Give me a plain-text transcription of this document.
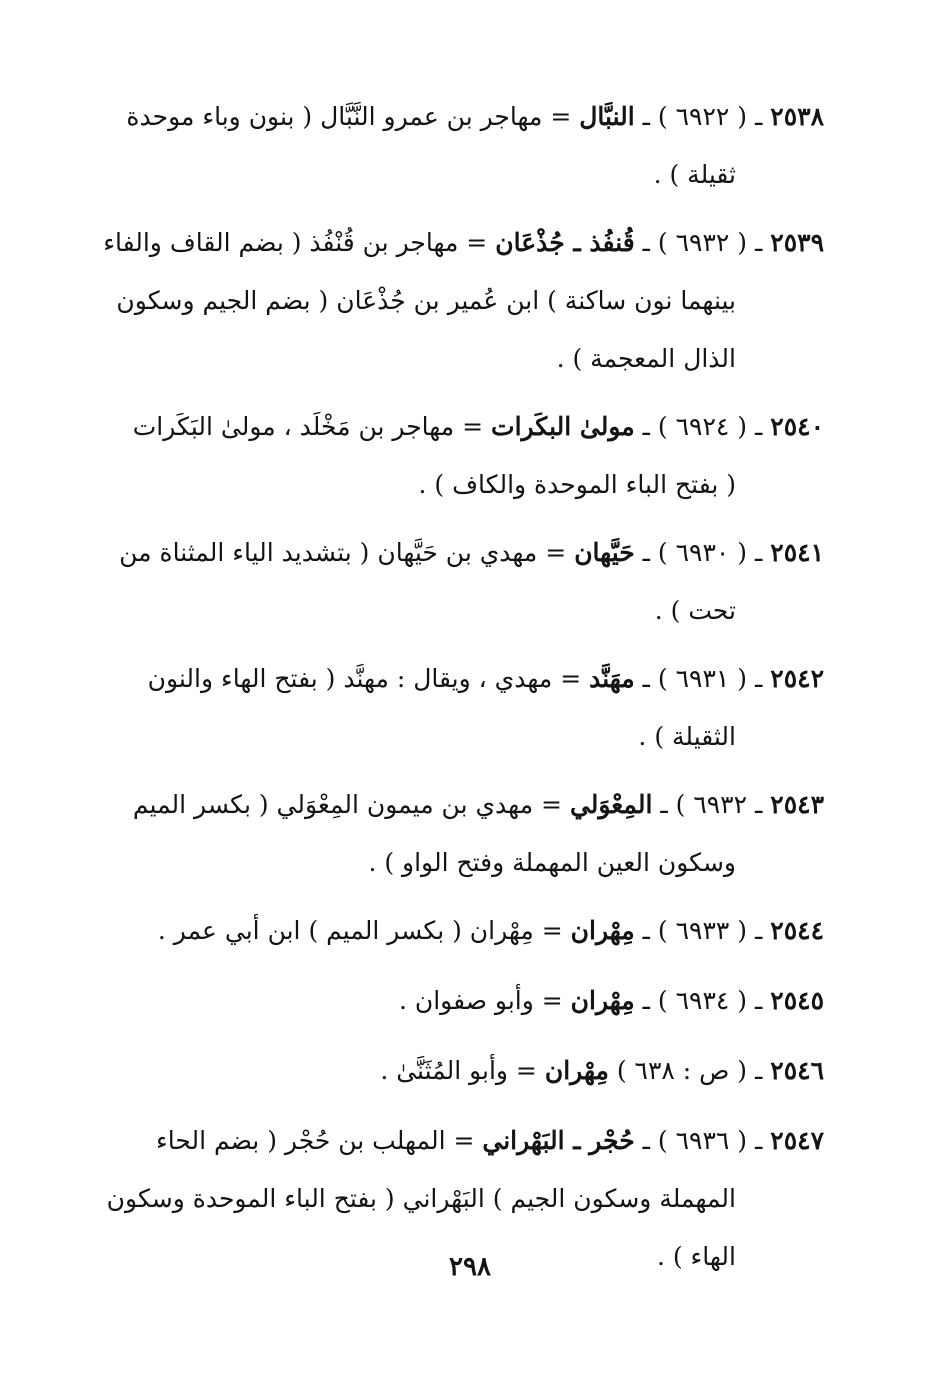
٢٥٣٨ ـ ( ٦٩٢٢ ) ـ النبَّال = مهاجر بن عمرو النَّبَّال ( بنون وباء موحدة
ثقيلة ) .
٢٥٣٩ ـ ( ٦٩٣٢ ) ـ قُنفُذ ـ جُذْعَان = مهاجر بن قُنْفُذ ( بضم القاف والفاء
بينهما نون ساكنة ) ابن عُمير بن جُذْعَان ( بضم الجيم وسكون
الذال المعجمة ) .
٢٥٤٠ ـ ( ٦٩٢٤ ) ـ مولىٰ البكَرات = مهاجر بن مَخْلَد ، مولىٰ البَكَرات
( بفتح الباء الموحدة والكاف ) .
٢٥٤١ ـ ( ٦٩٣٠ ) ـ حَيَّهان = مهدي بن حَيَّهان ( بتشديد الياء المثناة من
تحت ) .
٢٥٤٢ ـ ( ٦٩٣١ ) ـ مهَنَّد = مهدي ، ويقال : مهنَّد ( بفتح الهاء والنون
الثقيلة ) .
٢٥٤٣ ـ ٦٩٣٢ ) ـ المِعْوَلي = مهدي بن ميمون المِعْوَلي ( بكسر الميم
وسكون العين المهملة وفتح الواو ) .
٢٥٤٤ ـ ( ٦٩٣٣ ) ـ مِهْران = مِهْران ( بكسر الميم ) ابن أبي عمر .
٢٥٤٥ ـ ( ٦٩٣٤ ) ـ مِهْران = وأبو صفوان .
٢٥٤٦ ـ ( ص : ٦٣٨ ) مِهْران = وأبو المُثَنَّىٰ .
٢٥٤٧ ـ ( ٦٩٣٦ ) ـ حُجْر ـ البَهْراني = المهلب بن حُجْر ( بضم الحاء
المهملة وسكون الجيم ) البَهْراني ( بفتح الباء الموحدة وسكون
الهاء ) .
٢٩٨
